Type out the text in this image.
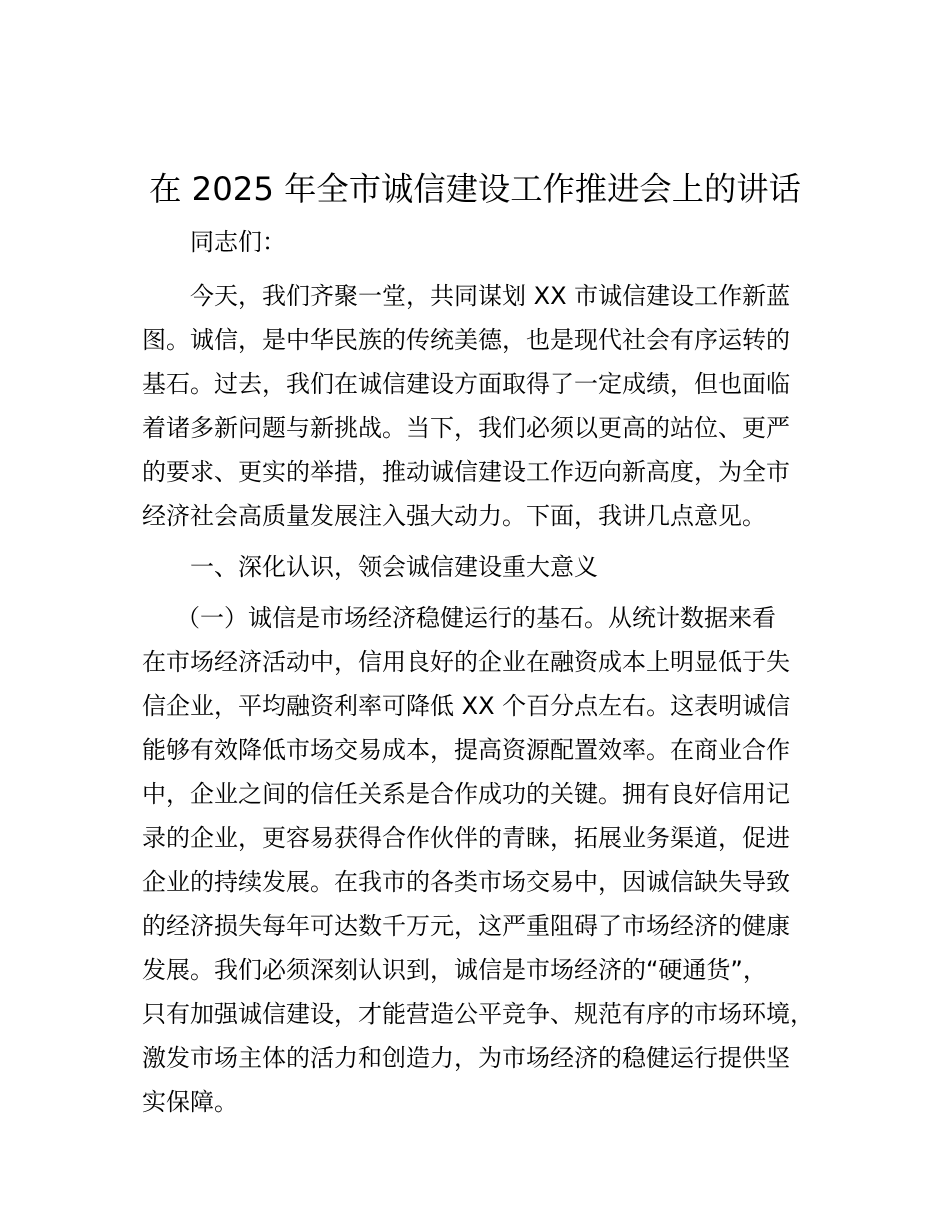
在 2025 年全市诚信建设工作推进会上的讲话

同志们：

今天，我们齐聚一堂，共同谋划 XX 市诚信建设工作新蓝
图。诚信，是中华民族的传统美德，也是现代社会有序运转的
基石。过去，我们在诚信建设方面取得了一定成绩，但也面临
着诸多新问题与新挑战。当下，我们必须以更高的站位、更严
的要求、更实的举措，推动诚信建设工作迈向新高度，为全市
经济社会高质量发展注入强大动力。下面，我讲几点意见。
一、深化认识，领会诚信建设重大意义
（一）诚信是市场经济稳健运行的基石。从统计数据来看
在市场经济活动中，信用良好的企业在融资成本上明显低于失
信企业，平均融资利率可降低 XX 个百分点左右。这表明诚信
能够有效降低市场交易成本，提高资源配置效率。在商业合作
中，企业之间的信任关系是合作成功的关键。拥有良好信用记
录的企业，更容易获得合作伙伴的青睐，拓展业务渠道，促进
企业的持续发展。在我市的各类市场交易中，因诚信缺失导致
的经济损失每年可达数千万元，这严重阻碍了市场经济的健康
发展。我们必须深刻认识到，诚信是市场经济的“硬通货”，
只有加强诚信建设，才能营造公平竞争、规范有序的市场环境，
激发市场主体的活力和创造力，为市场经济的稳健运行提供坚
实保障。
